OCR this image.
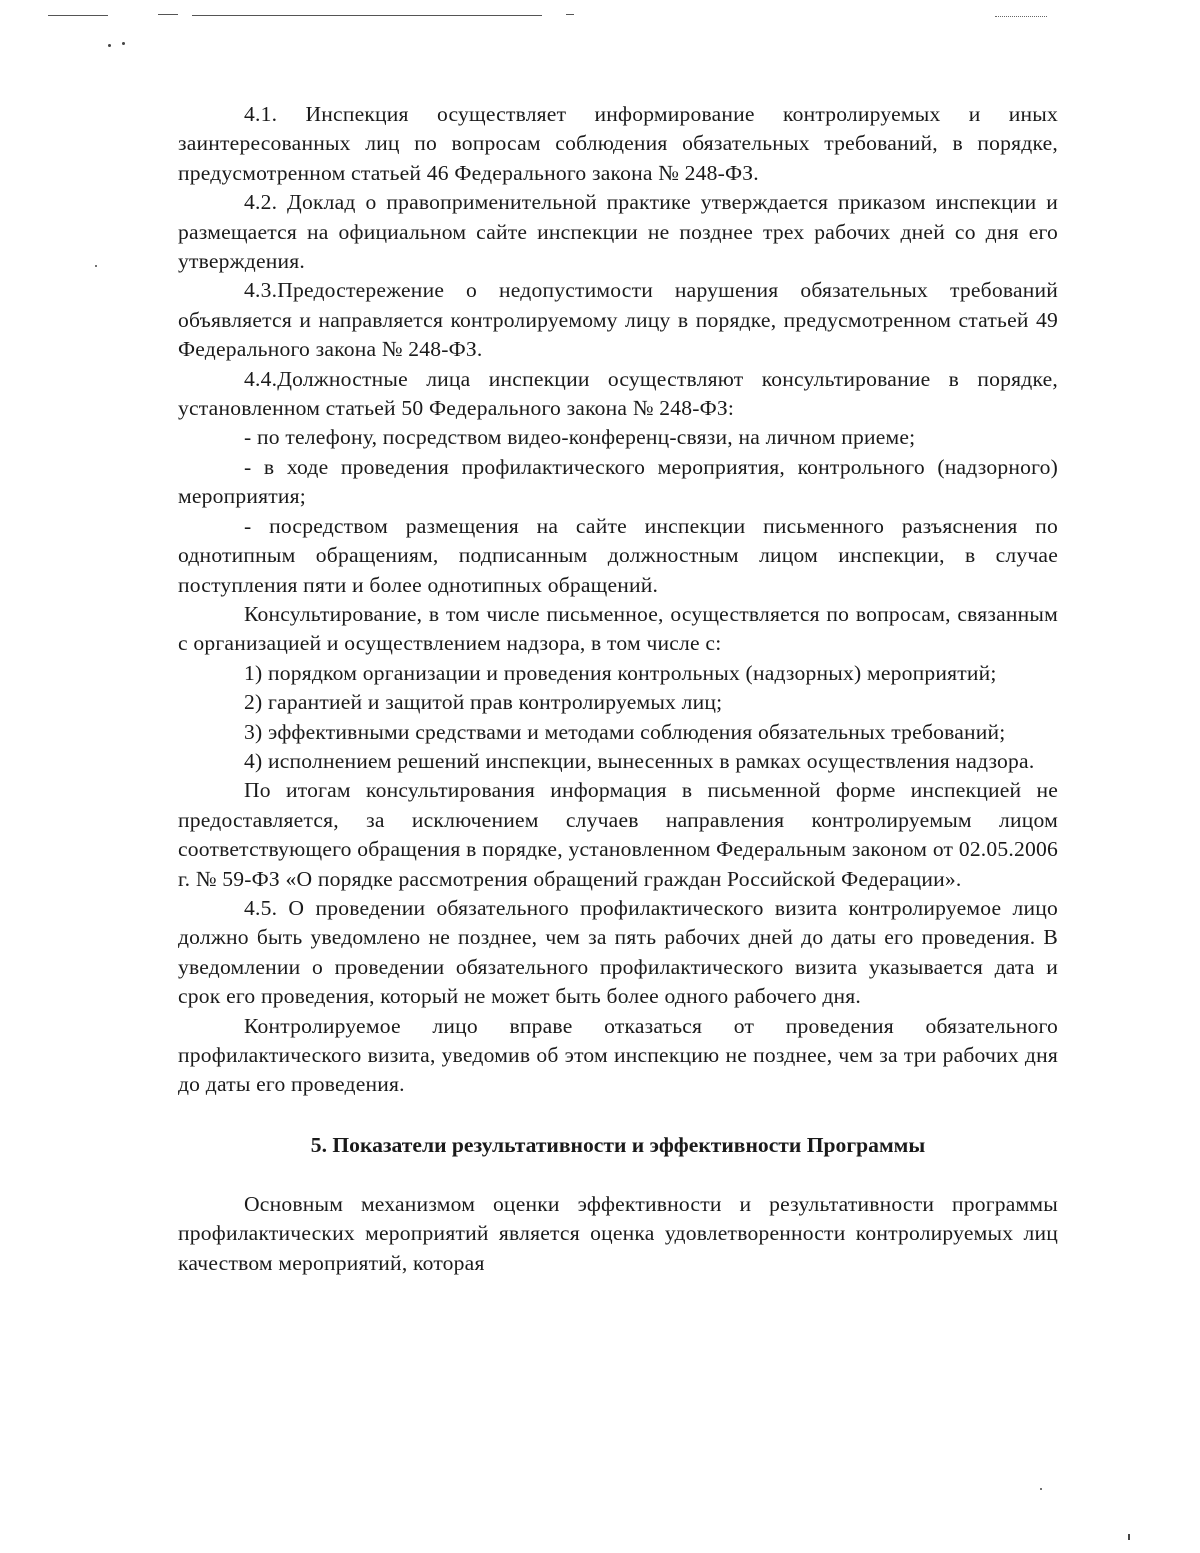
4.1. Инспекция осуществляет информирование контролируемых и иных заинтересованных лиц по вопросам соблюдения обязательных требований, в порядке, предусмотренном статьей 46 Федерального закона № 248-ФЗ.

4.2. Доклад о правоприменительной практике утверждается приказом инспекции и размещается на официальном сайте инспекции не позднее трех рабочих дней со дня его утверждения.

4.3.Предостережение о недопустимости нарушения обязательных требований объявляется и направляется контролируемому лицу в порядке, предусмотренном статьей 49 Федерального закона № 248-ФЗ.

4.4.Должностные лица инспекции осуществляют консультирование в порядке, установленном статьей 50 Федерального закона № 248-ФЗ:

- по телефону, посредством видео-конференц-связи, на личном приеме;

- в ходе проведения профилактического мероприятия, контрольного (надзорного) мероприятия;

- посредством размещения на сайте инспекции письменного разъяснения по однотипным обращениям, подписанным должностным лицом инспекции, в случае поступления пяти и более однотипных обращений.

Консультирование, в том числе письменное, осуществляется по вопросам, связанным с организацией и осуществлением надзора, в том числе с:

1) порядком организации и проведения контрольных (надзорных) мероприятий;

2) гарантией и защитой прав контролируемых лиц;

3) эффективными средствами и методами соблюдения обязательных требований;

4) исполнением решений инспекции, вынесенных в рамках осуществления надзора.

По итогам консультирования информация в письменной форме инспекцией не предоставляется, за исключением случаев направления контролируемым лицом соответствующего обращения в порядке, установленном Федеральным законом от 02.05.2006 г. № 59-ФЗ «О порядке рассмотрения обращений граждан Российской Федерации».

4.5. О проведении обязательного профилактического визита контролируемое лицо должно быть уведомлено не позднее, чем за пять рабочих дней до даты его проведения. В уведомлении о проведении обязательного профилактического визита указывается дата и срок его проведения, который не может быть более одного рабочего дня.

Контролируемое лицо вправе отказаться от проведения обязательного профилактического визита, уведомив об этом инспекцию не позднее, чем за три рабочих дня до даты его проведения.

5. Показатели результативности и эффективности Программы

Основным механизмом оценки эффективности и результативности программы профилактических мероприятий является оценка удовлетворенности контролируемых лиц качеством мероприятий, которая
